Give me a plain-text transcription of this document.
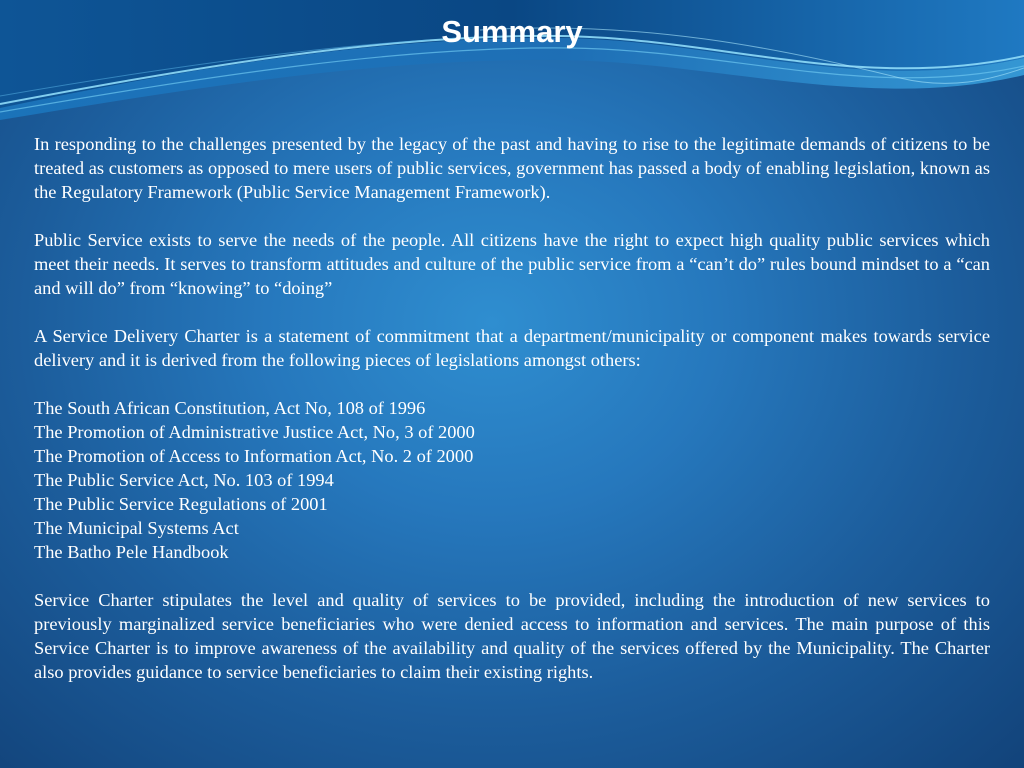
Summary

In responding to the challenges presented by the legacy of the past and having to rise to the legitimate demands of citizens to be treated as customers as opposed to mere users of public services, government has passed a body of enabling legislation, known as the Regulatory Framework (Public Service Management Framework).

Public Service exists to serve the needs of the people. All citizens have the right to expect high quality public services which meet their needs. It serves to transform attitudes and culture of the public service from a “can’t do” rules bound mindset to a “can and will do” from “knowing” to “doing”

A Service Delivery Charter is a statement of commitment that a department/municipality or component makes towards service delivery and it is derived from the following pieces of legislations amongst others:

The South African Constitution, Act No, 108 of 1996
The Promotion of Administrative Justice Act, No, 3 of 2000
The Promotion of Access to Information Act, No. 2 of 2000
The Public Service Act, No. 103 of 1994
The Public Service Regulations of 2001
The Municipal Systems Act
The Batho Pele Handbook

Service Charter stipulates the level and quality of services to be provided, including the introduction of new services to previously marginalized service beneficiaries who were denied access to information and services. The main purpose of this Service Charter is to improve awareness of the availability and quality of the services offered by the Municipality. The Charter also provides guidance to service beneficiaries to claim their existing rights.
